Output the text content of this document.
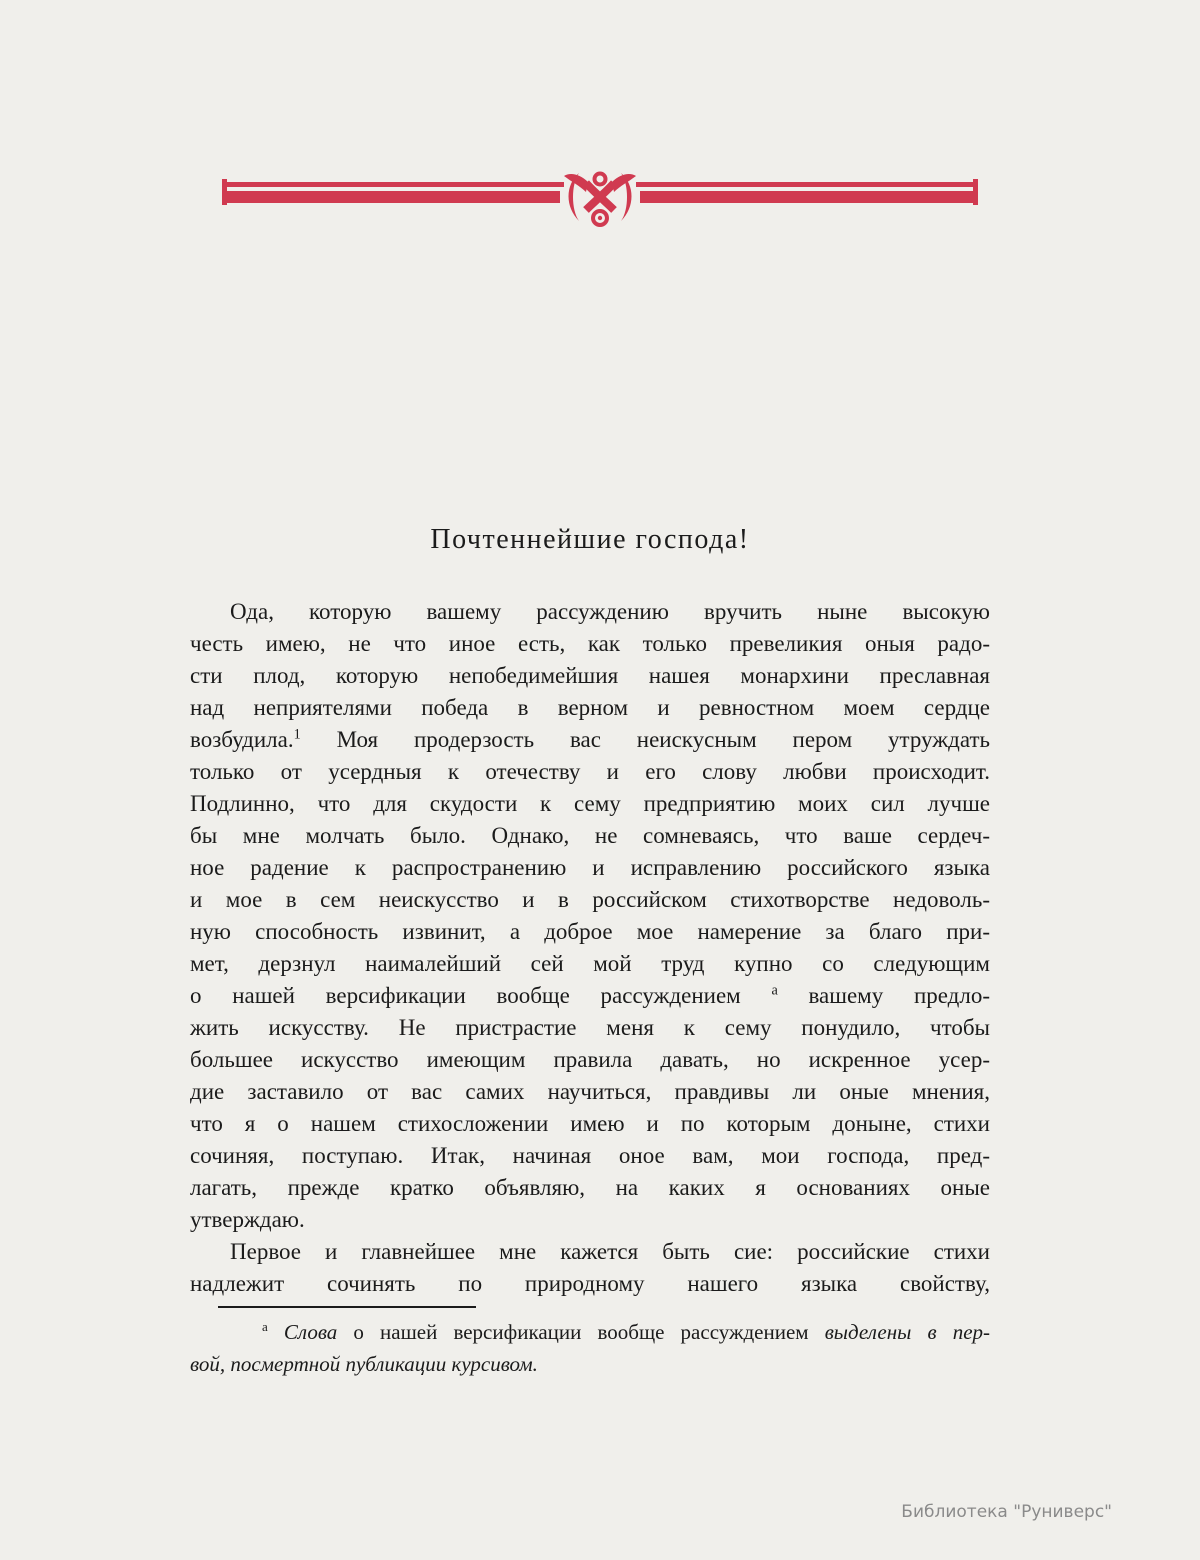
Почтеннейшие господа!
Ода, которую вашему рассуждению вручить ныне высокую
честь имею, не что иное есть, как только превеликия оныя радо-
сти плод, которую непобедимейшия нашея монархини преславная
над неприятелями победа в верном и ревностном моем сердце
возбудила.$^1$ Моя продерзость вас неискусным пером утруждать
только от усердныя к отечеству и его слову любви происходит.
Подлинно, что для скудости к сему предприятию моих сил лучше
бы мне молчать было. Однако, не сомневаясь, что ваше сердеч-
ное радение к распространению и исправлению российского языка
и мое в сем неискусство и в российском стихотворстве недоволь-
ную способность извинит, а доброе мое намерение за благо при-
мет, дерзнул наималейший сей мой труд купно со следующим
о нашей версификации вообще рассуждением $^а$ вашему предло-
жить искусству. Не пристрастие меня к сему понудило, чтобы
большее искусство имеющим правила давать, но искренное усер-
дие заставило от вас самих научиться, правдивы ли оные мнения,
что я о нашем стихосложении имею и по которым доныне, стихи
сочиняя, поступаю. Итак, начиная оное вам, мои господа, пред-
лагать, прежде кратко объявляю, на каких я основаниях оные
утверждаю.
Первое и главнейшее мне кажется быть сие: российские стихи
надлежит сочинять по природному нашего языка свойству,
$^а$ Слова о нашей версификации вообще рассуждением выделены в пер-
вой, посмертной публикации курсивом.
Библиотека "Руниверс"
